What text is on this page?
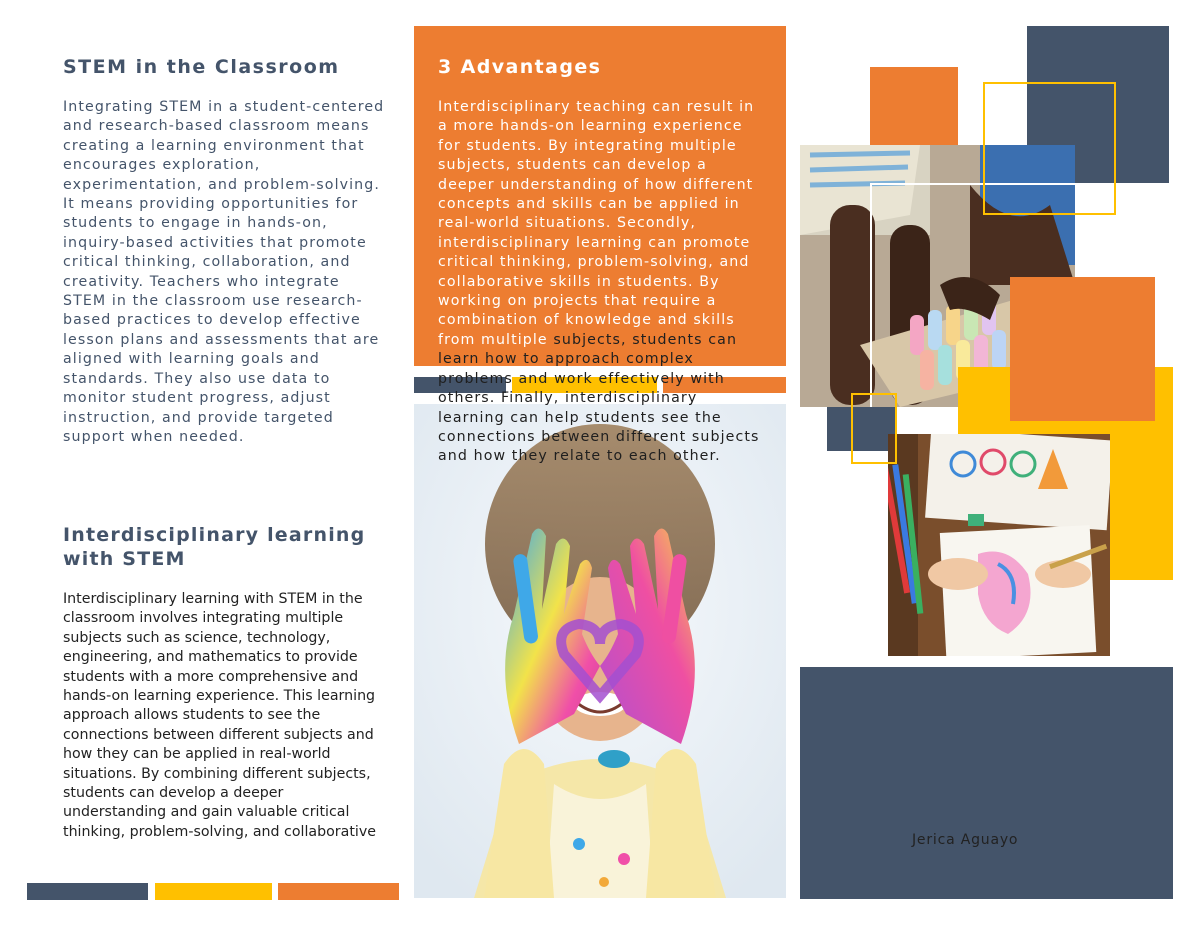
STEM in the Classroom

Integrating STEM in a student-centered and research-based classroom means creating a learning environment that encourages exploration, experimentation, and problem-solving. It means providing opportunities for students to engage in hands-on, inquiry-based activities that promote critical thinking, collaboration, and creativity. Teachers who integrate STEM in the classroom use research-based practices to develop effective lesson plans and assessments that are aligned with learning goals and standards. They also use data to monitor student progress, adjust instruction, and provide targeted support when needed.

Interdisciplinary learning with STEM

Interdisciplinary learning with STEM in the classroom involves integrating multiple subjects such as science, technology, engineering, and mathematics to provide students with a more comprehensive and hands-on learning experience. This learning approach allows students to see the connections between different subjects and how they can be applied in real-world situations. By combining different subjects, students can develop a deeper understanding and gain valuable critical thinking, problem-solving, and collaborative

3 Advantages

Interdisciplinary teaching can result in a more hands-on learning experience for students. By integrating multiple subjects, students can develop a deeper understanding of how different concepts and skills can be applied in real-world situations. Secondly, interdisciplinary learning can promote critical thinking, problem-solving, and collaborative skills in students. By working on projects that require a combination of knowledge and skills from multiple subjects, students can learn how to approach complex problems and work effectively with others. Finally, interdisciplinary learning can help students see the connections between different subjects and how they relate to each other.

Jerica Aguayo
